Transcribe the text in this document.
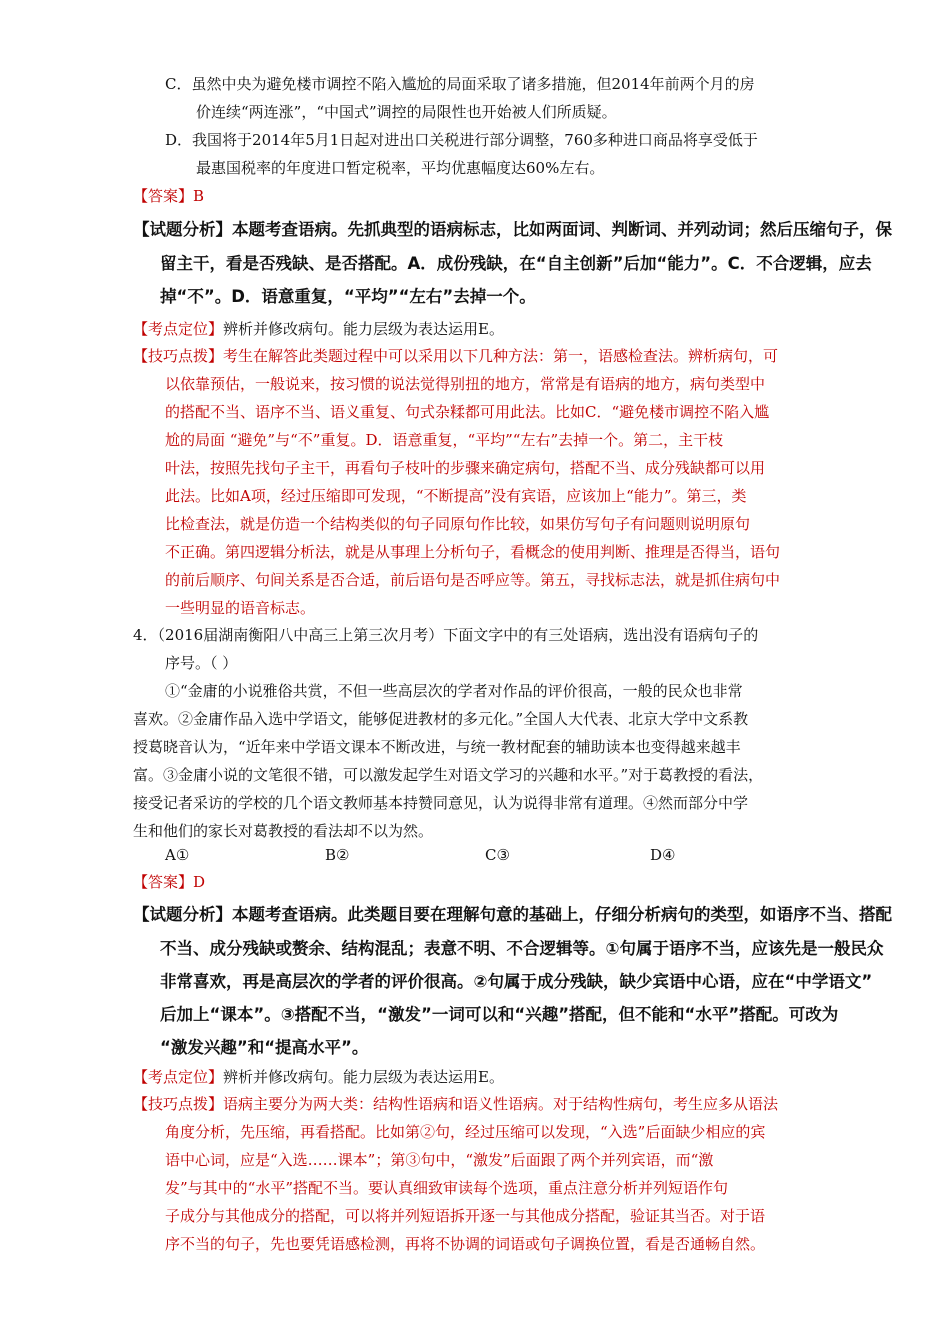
C．虽然中央为避免楼市调控不陷入尴尬的局面采取了诸多措施，但2014年前两个月的房
价连续“两连涨”，“中国式”调控的局限性也开始被人们所质疑。
D．我国将于2014年5月1日起对进出口关税进行部分调整，760多种进口商品将享受低于
最惠国税率的年度进口暂定税率，平均优惠幅度达60%左右。
【答案】B
【试题分析】本题考查语病。先抓典型的语病标志，比如两面词、判断词、并列动词；然后压缩句子，保
留主干，看是否残缺、是否搭配。A．成份残缺，在“自主创新”后加“能力”。C．不合逻辑，应去
掉“不”。D．语意重复，“平均”“左右”去掉一个。
【考点定位】辨析并修改病句。能力层级为表达运用E。
【技巧点拨】考生在解答此类题过程中可以采用以下几种方法：第一，语感检查法。辨析病句，可
以依靠预估，一般说来，按习惯的说法觉得别扭的地方，常常是有语病的地方，病句类型中
的搭配不当、语序不当、语义重复、句式杂糅都可用此法。比如C．“避免楼市调控不陷入尴
尬的局面 “避免”与“不”重复。D．语意重复，“平均”“左右”去掉一个。第二，主干枝
叶法，按照先找句子主干，再看句子枝叶的步骤来确定病句，搭配不当、成分残缺都可以用
此法。比如A项，经过压缩即可发现，“不断提高”没有宾语，应该加上“能力”。第三，类
比检查法，就是仿造一个结构类似的句子同原句作比较，如果仿写句子有问题则说明原句
不正确。第四逻辑分析法，就是从事理上分析句子，看概念的使用判断、推理是否得当，语句
的前后顺序、句间关系是否合适，前后语句是否呼应等。第五，寻找标志法，就是抓住病句中
一些明显的语音标志。
4．（2016届湖南衡阳八中高三上第三次月考）下面文字中的有三处语病，选出没有语病句子的
序号。（ ）
①“金庸的小说雅俗共赏，不但一些高层次的学者对作品的评价很高，一般的民众也非常
喜欢。②金庸作品入选中学语文，能够促进教材的多元化。”全国人大代表、北京大学中文系教
授葛晓音认为，“近年来中学语文课本不断改进，与统一教材配套的辅助读本也变得越来越丰
富。③金庸小说的文笔很不错，可以激发起学生对语文学习的兴趣和水平。”对于葛教授的看法，
接受记者采访的学校的几个语文教师基本持赞同意见，认为说得非常有道理。④然而部分中学
生和他们的家长对葛教授的看法却不以为然。
A①	B②	C③	D④
【答案】D
【试题分析】本题考查语病。此类题目要在理解句意的基础上，仔细分析病句的类型，如语序不当、搭配
不当、成分残缺或赘余、结构混乱；表意不明、不合逻辑等。①句属于语序不当，应该先是一般民众
非常喜欢，再是高层次的学者的评价很高。②句属于成分残缺，缺少宾语中心语，应在“中学语文”
后加上“课本”。③搭配不当，“激发”一词可以和“兴趣”搭配，但不能和“水平”搭配。可改为
“激发兴趣”和“提高水平”。
【考点定位】辨析并修改病句。能力层级为表达运用E。
【技巧点拨】语病主要分为两大类：结构性语病和语义性语病。对于结构性病句，考生应多从语法
角度分析，先压缩，再看搭配。比如第②句，经过压缩可以发现，“入选”后面缺少相应的宾
语中心词，应是“入选……课本”；第③句中，“激发”后面跟了两个并列宾语，而“激
发”与其中的“水平”搭配不当。要认真细致审读每个选项，重点注意分析并列短语作句
子成分与其他成分的搭配，可以将并列短语拆开逐一与其他成分搭配，验证其当否。对于语
序不当的句子，先也要凭语感检测，再将不协调的词语或句子调换位置，看是否通畅自然。
